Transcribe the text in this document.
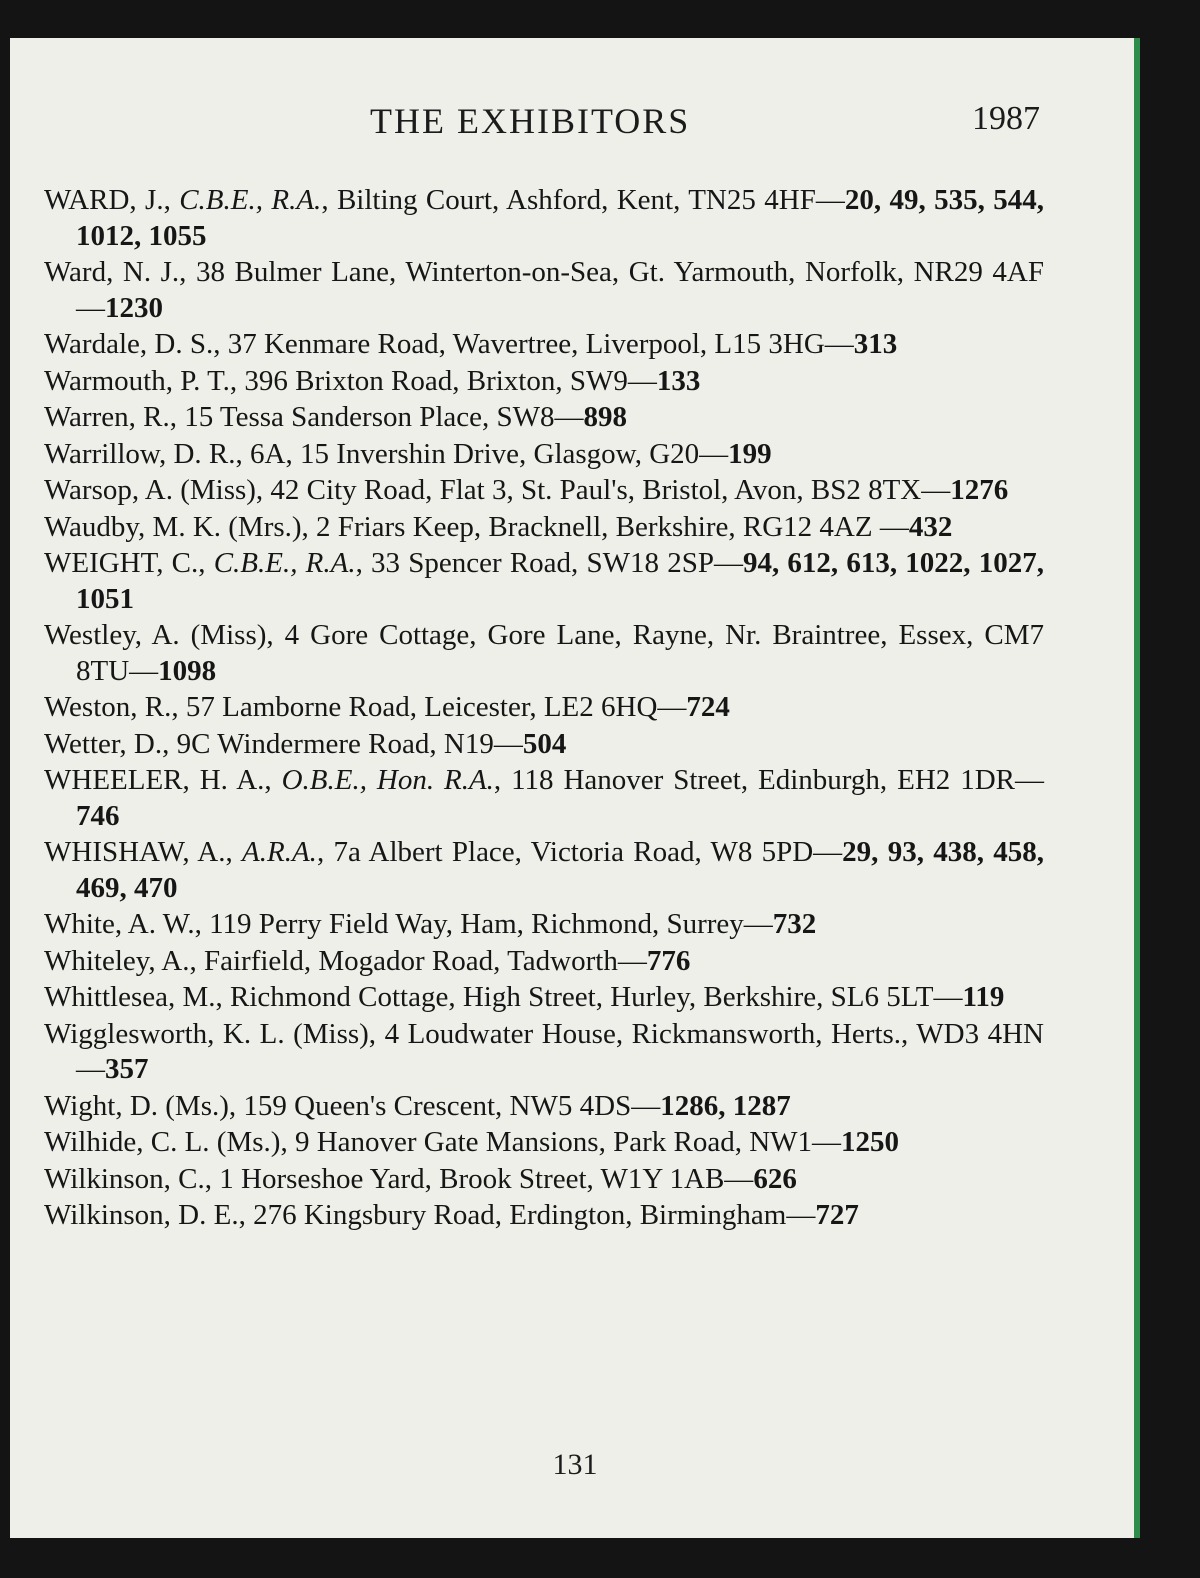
THE EXHIBITORS	1987
WARD, J., C.B.E., R.A., Bilting Court, Ashford, Kent, TN25 4HF—20, 49, 535, 544, 1012, 1055
Ward, N. J., 38 Bulmer Lane, Winterton-on-Sea, Gt. Yarmouth, Norfolk, NR29 4AF—1230
Wardale, D. S., 37 Kenmare Road, Wavertree, Liverpool, L15 3HG—313
Warmouth, P. T., 396 Brixton Road, Brixton, SW9—133
Warren, R., 15 Tessa Sanderson Place, SW8—898
Warrillow, D. R., 6A, 15 Invershin Drive, Glasgow, G20—199
Warsop, A. (Miss), 42 City Road, Flat 3, St. Paul's, Bristol, Avon, BS2 8TX—1276
Waudby, M. K. (Mrs.), 2 Friars Keep, Bracknell, Berkshire, RG12 4AZ —432
WEIGHT, C., C.B.E., R.A., 33 Spencer Road, SW18 2SP—94, 612, 613, 1022, 1027, 1051
Westley, A. (Miss), 4 Gore Cottage, Gore Lane, Rayne, Nr. Braintree, Essex, CM7 8TU—1098
Weston, R., 57 Lamborne Road, Leicester, LE2 6HQ—724
Wetter, D., 9C Windermere Road, N19—504
WHEELER, H. A., O.B.E., Hon. R.A., 118 Hanover Street, Edinburgh, EH2 1DR—746
WHISHAW, A., A.R.A., 7a Albert Place, Victoria Road, W8 5PD—29, 93, 438, 458, 469, 470
White, A. W., 119 Perry Field Way, Ham, Richmond, Surrey—732
Whiteley, A., Fairfield, Mogador Road, Tadworth—776
Whittlesea, M., Richmond Cottage, High Street, Hurley, Berkshire, SL6 5LT—119
Wigglesworth, K. L. (Miss), 4 Loudwater House, Rickmansworth, Herts., WD3 4HN—357
Wight, D. (Ms.), 159 Queen's Crescent, NW5 4DS—1286, 1287
Wilhide, C. L. (Ms.), 9 Hanover Gate Mansions, Park Road, NW1—1250
Wilkinson, C., 1 Horseshoe Yard, Brook Street, W1Y 1AB—626
Wilkinson, D. E., 276 Kingsbury Road, Erdington, Birmingham—727
131
